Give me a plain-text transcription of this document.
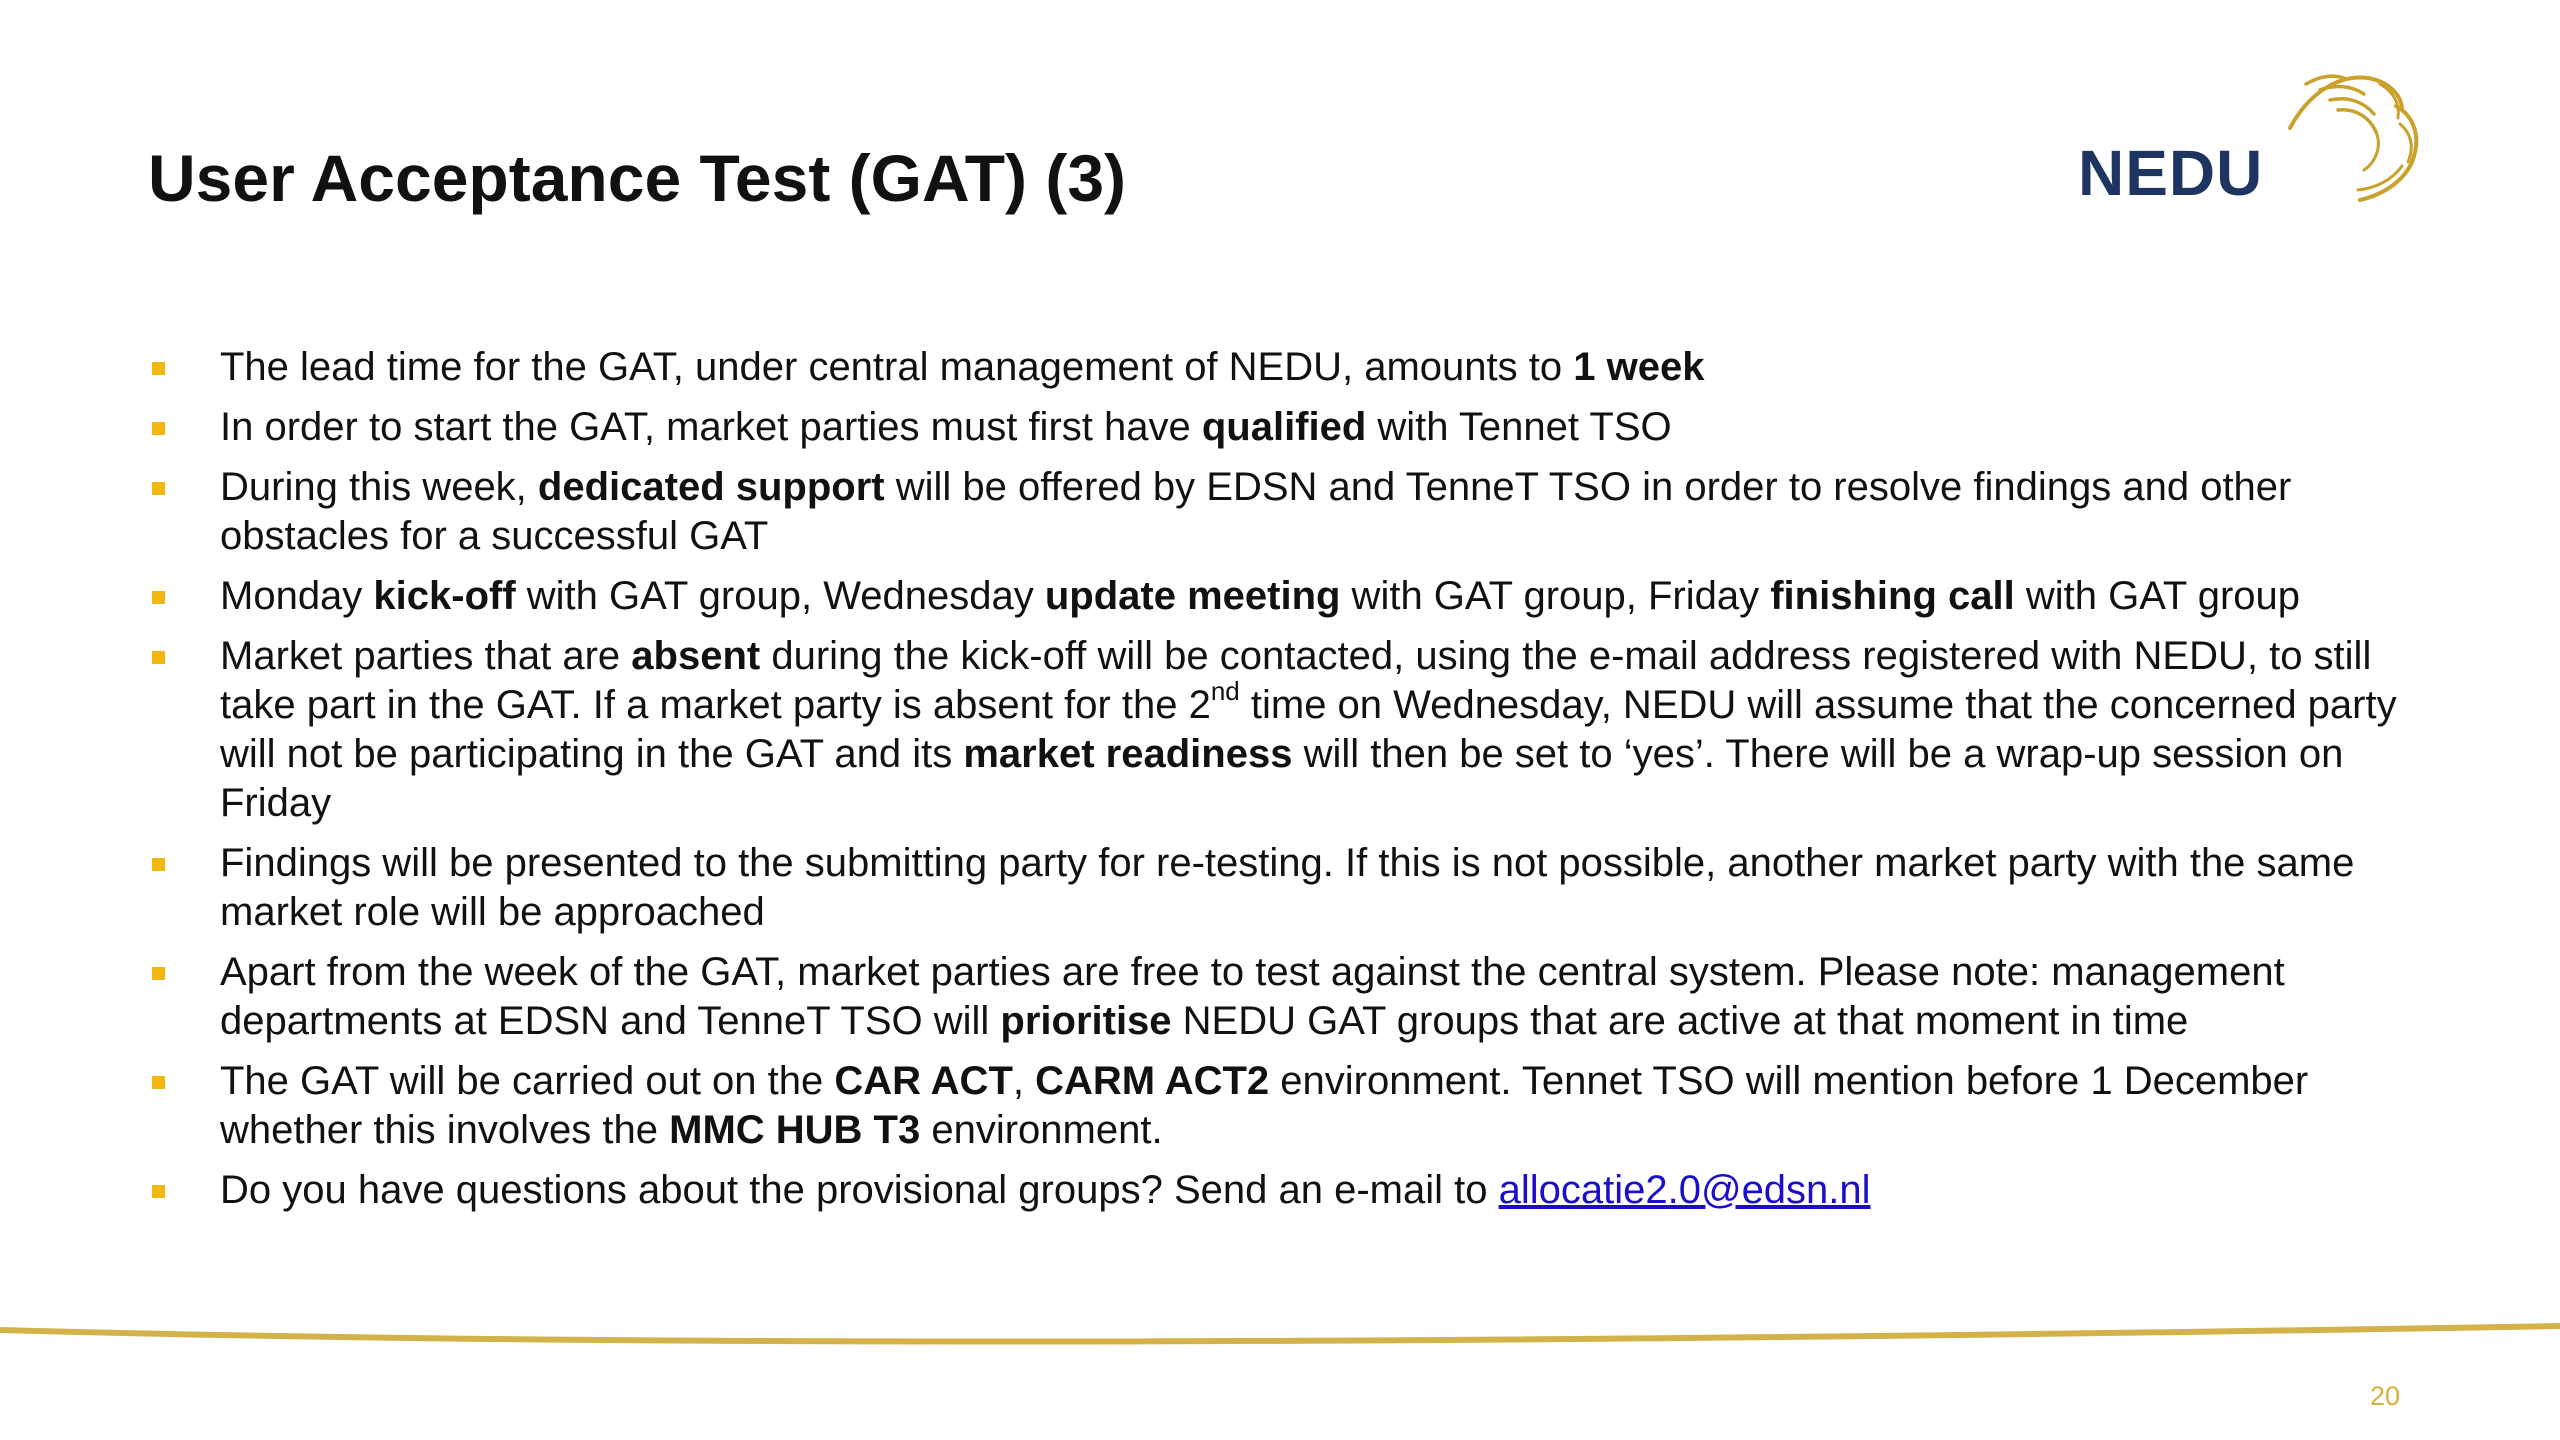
User Acceptance Test (GAT) (3)	NEDU
The lead time for the GAT, under central management of NEDU, amounts to 1 week
In order to start the GAT, market parties must first have qualified with Tennet TSO
During this week, dedicated support will be offered by EDSN and TenneT TSO in order to resolve findings and other obstacles for a successful GAT
Monday kick-off with GAT group, Wednesday update meeting with GAT group, Friday finishing call with GAT group
Market parties that are absent during the kick-off will be contacted, using the e-mail address registered with NEDU, to still take part in the GAT. If a market party is absent for the 2nd time on Wednesday, NEDU will assume that the concerned party will not be participating in the GAT and its market readiness will then be set to ‘yes’. There will be a wrap-up session on Friday
Findings will be presented to the submitting party for re-testing. If this is not possible, another market party with the same market role will be approached
Apart from the week of the GAT, market parties are free to test against the central system. Please note: management departments at EDSN and TenneT TSO will prioritise NEDU GAT groups that are active at that moment in time
The GAT will be carried out on the CAR ACT, CARM ACT2 environment. Tennet TSO will mention before 1 December whether this involves the MMC HUB T3 environment.
Do you have questions about the provisional groups? Send an e-mail to allocatie2.0@edsn.nl
20
